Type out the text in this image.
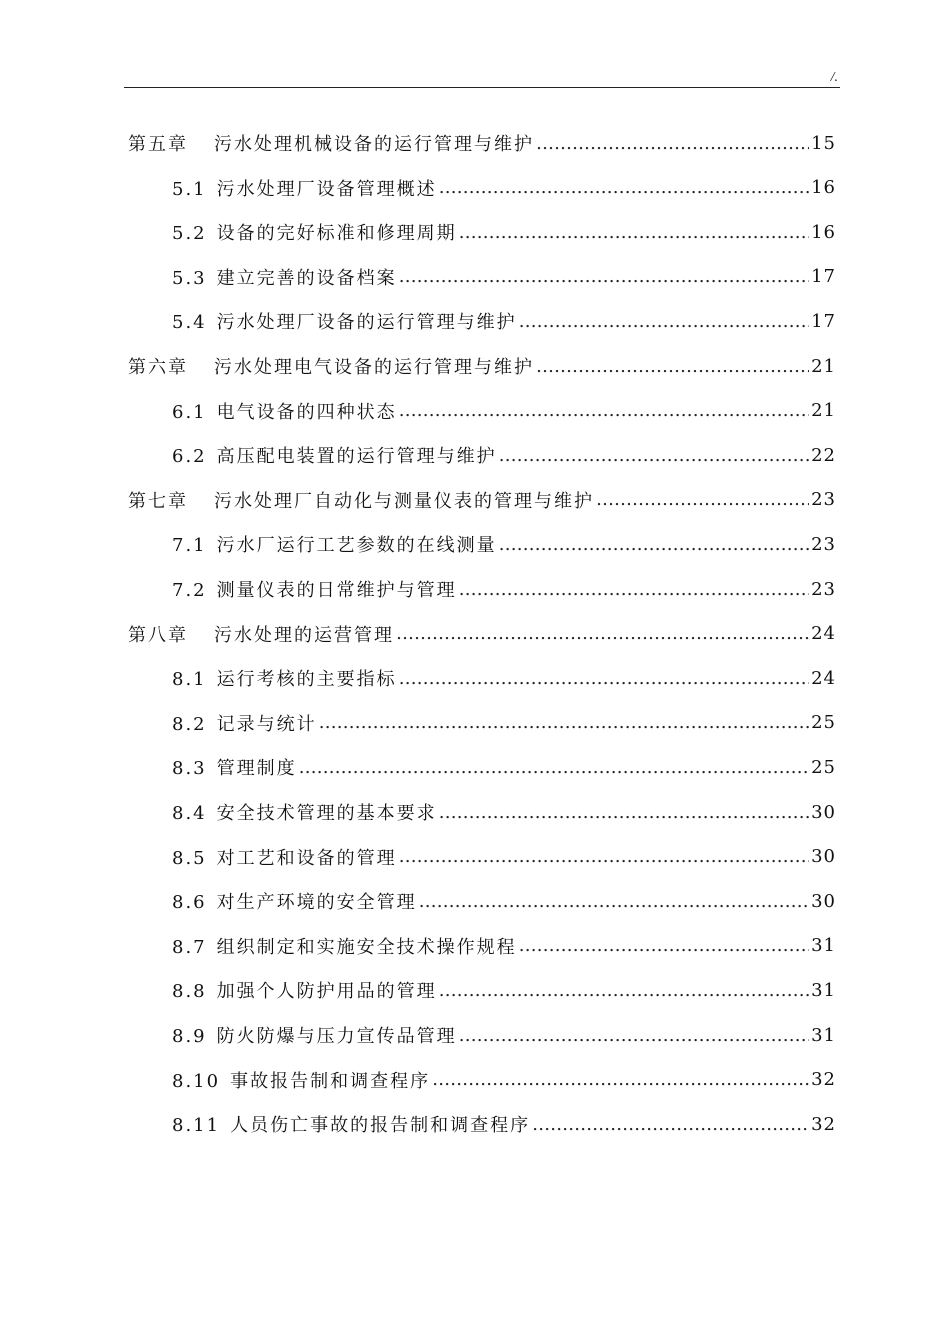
/.
第五章 污水处理机械设备的运行管理与维护 ……………………………………………………………………………………………………………………………………	15
5.1 污水处理厂设备管理概述 ……………………………………………………………………………………………………………………………………	16
5.2 设备的完好标准和修理周期 ……………………………………………………………………………………………………………………………………	16
5.3 建立完善的设备档案 ……………………………………………………………………………………………………………………………………	17
5.4 污水处理厂设备的运行管理与维护 ……………………………………………………………………………………………………………………………………	17
第六章 污水处理电气设备的运行管理与维护 ……………………………………………………………………………………………………………………………………	21
6.1 电气设备的四种状态 ……………………………………………………………………………………………………………………………………	21
6.2 高压配电装置的运行管理与维护 ……………………………………………………………………………………………………………………………………	22
第七章 污水处理厂自动化与测量仪表的管理与维护 ……………………………………………………………………………………………………………………………………	23
7.1 污水厂运行工艺参数的在线测量 ……………………………………………………………………………………………………………………………………	23
7.2 测量仪表的日常维护与管理 ……………………………………………………………………………………………………………………………………	23
第八章 污水处理的运营管理 ……………………………………………………………………………………………………………………………………	24
8.1 运行考核的主要指标 ……………………………………………………………………………………………………………………………………	24
8.2 记录与统计 ……………………………………………………………………………………………………………………………………	25
8.3 管理制度 ……………………………………………………………………………………………………………………………………	25
8.4 安全技术管理的基本要求 ……………………………………………………………………………………………………………………………………	30
8.5 对工艺和设备的管理 ……………………………………………………………………………………………………………………………………	30
8.6 对生产环境的安全管理 ……………………………………………………………………………………………………………………………………	30
8.7 组织制定和实施安全技术操作规程 ……………………………………………………………………………………………………………………………………	31
8.8 加强个人防护用品的管理 ……………………………………………………………………………………………………………………………………	31
8.9 防火防爆与压力宣传品管理 ……………………………………………………………………………………………………………………………………	31
8.10 事故报告制和调查程序 ……………………………………………………………………………………………………………………………………	32
8.11 人员伤亡事故的报告制和调查程序 ……………………………………………………………………………………………………………………………………	32
